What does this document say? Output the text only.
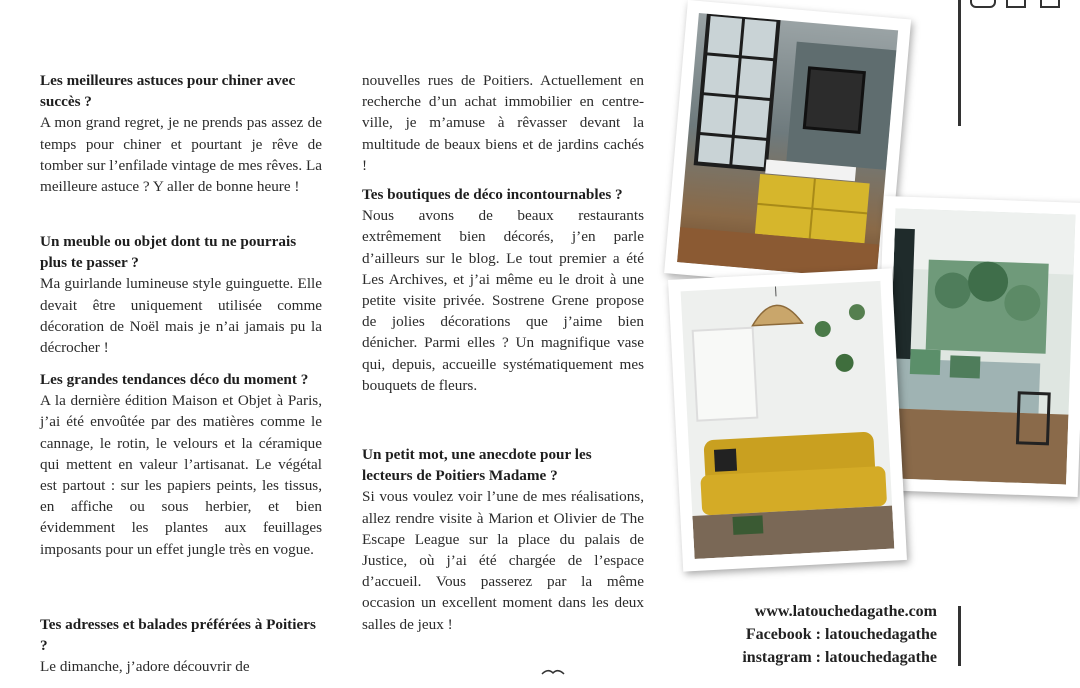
Les meilleures astuces pour chiner avec succès ?

A mon grand regret, je ne prends pas assez de temps pour chiner et pourtant je rêve de tomber sur l’enfilade vintage de mes rêves. La meilleure astuce ? Y aller de bonne heure !

Un meuble ou objet dont tu ne pourrais plus te passer ?

Ma guirlande lumineuse style guinguette. Elle devait être uniquement utilisée comme décoration de Noël mais je n’ai jamais pu la décrocher !

Les grandes tendances déco du moment ?

A la dernière édition Maison et Objet à Paris, j’ai été envoûtée par des matières comme le cannage, le rotin, le velours et la céramique qui mettent en valeur l’artisanat. Le végétal est partout : sur les papiers peints, les tissus, en affiche ou sous herbier, et bien évidemment les plantes aux feuillages imposants pour un effet jungle très en vogue.

Tes adresses et balades préférées à Poitiers ?

Le dimanche, j’adore découvrir de

nouvelles rues de Poitiers. Actuellement en recherche d’un achat immobilier en centre-ville, je m’amuse à rêvasser devant la multitude de beaux biens et de jardins cachés !

Tes boutiques de déco incontournables ?

Nous avons de beaux restaurants extrêmement bien décorés, j’en parle d’ailleurs sur le blog. Le tout premier a été Les Archives, et j’ai même eu le droit à une petite visite privée. Sostrene Grene propose de jolies décorations que j’aime bien dénicher. Parmi elles ? Un magnifique vase qui, depuis, accueille systématiquement mes bouquets de fleurs.

Un petit mot, une anecdote pour les lecteurs de Poitiers Madame ?

Si vous voulez voir l’une de mes réalisations, allez rendre visite à Marion et Olivier de The Escape League sur la place du palais de Justice, où j’ai été chargée de l’espace d’accueil. Vous passerez par la même occasion un excellent moment dans les deux salles de jeux !

www.latouchedagathe.com
Facebook : latouchedagathe
instagram : latouchedagathe
